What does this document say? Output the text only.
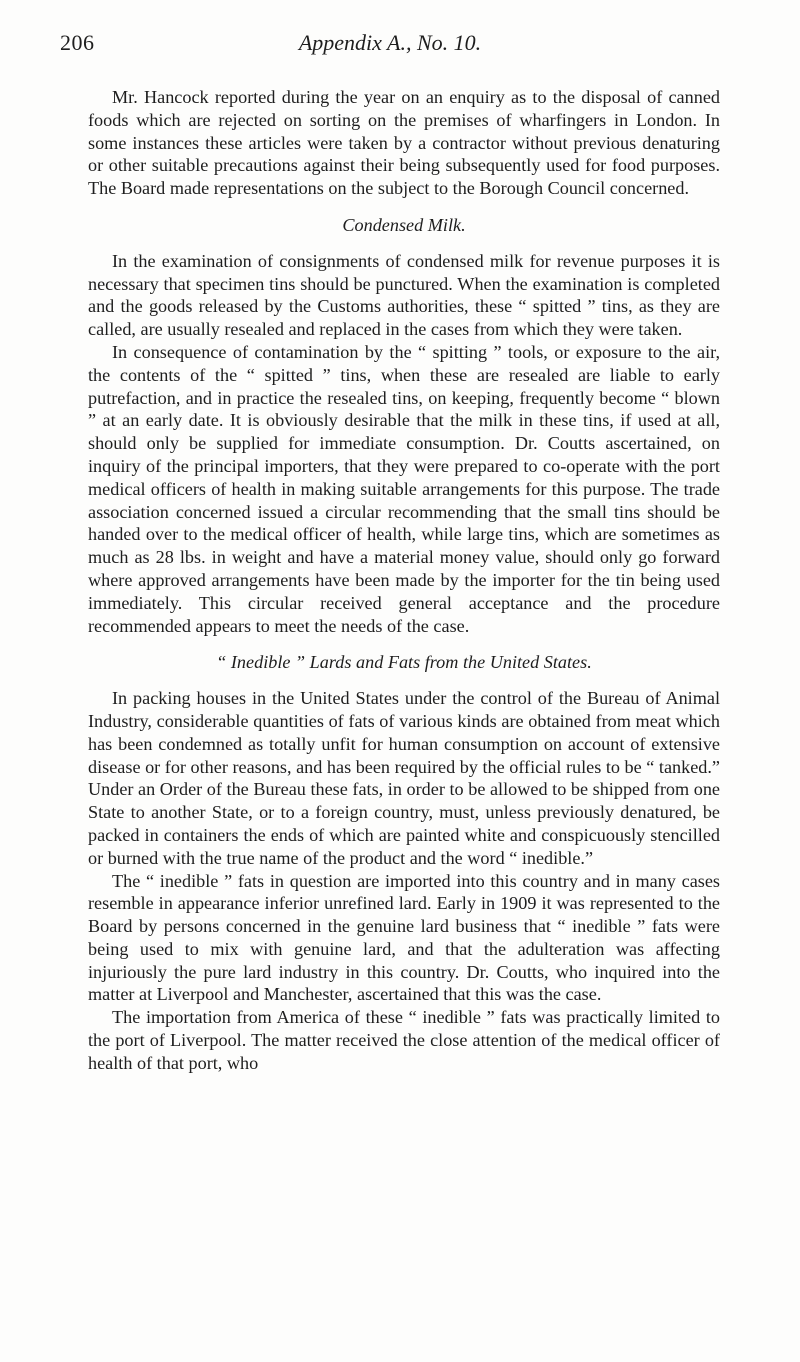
206	Appendix A., No. 10.

Mr. Hancock reported during the year on an enquiry as to the disposal of canned foods which are rejected on sorting on the premises of wharfingers in London. In some instances these articles were taken by a contractor without previous denaturing or other suitable precautions against their being subsequently used for food purposes. The Board made representations on the subject to the Borough Council concerned.

Condensed Milk.

In the examination of consignments of condensed milk for revenue purposes it is necessary that specimen tins should be punctured. When the examination is completed and the goods released by the Customs authorities, these “ spitted ” tins, as they are called, are usually resealed and replaced in the cases from which they were taken.

In consequence of contamination by the “ spitting ” tools, or exposure to the air, the contents of the “ spitted ” tins, when these are resealed are liable to early putrefaction, and in practice the resealed tins, on keeping, frequently become “ blown ” at an early date. It is obviously desirable that the milk in these tins, if used at all, should only be supplied for immediate consumption. Dr. Coutts ascertained, on inquiry of the principal importers, that they were prepared to co-operate with the port medical officers of health in making suitable arrangements for this purpose. The trade association concerned issued a circular recommending that the small tins should be handed over to the medical officer of health, while large tins, which are sometimes as much as 28 lbs. in weight and have a material money value, should only go forward where approved arrangements have been made by the importer for the tin being used immediately. This circular received general acceptance and the procedure recommended appears to meet the needs of the case.

“ Inedible ” Lards and Fats from the United States.

In packing houses in the United States under the control of the Bureau of Animal Industry, considerable quantities of fats of various kinds are obtained from meat which has been condemned as totally unfit for human consumption on account of extensive disease or for other reasons, and has been required by the official rules to be “ tanked.” Under an Order of the Bureau these fats, in order to be allowed to be shipped from one State to another State, or to a foreign country, must, unless previously denatured, be packed in containers the ends of which are painted white and conspicuously stencilled or burned with the true name of the product and the word “ inedible.”

The “ inedible ” fats in question are imported into this country and in many cases resemble in appearance inferior unrefined lard. Early in 1909 it was represented to the Board by persons concerned in the genuine lard business that “ inedible ” fats were being used to mix with genuine lard, and that the adulteration was affecting injuriously the pure lard industry in this country. Dr. Coutts, who inquired into the matter at Liverpool and Manchester, ascertained that this was the case.

The importation from America of these “ inedible ” fats was practically limited to the port of Liverpool. The matter received the close attention of the medical officer of health of that port, who
